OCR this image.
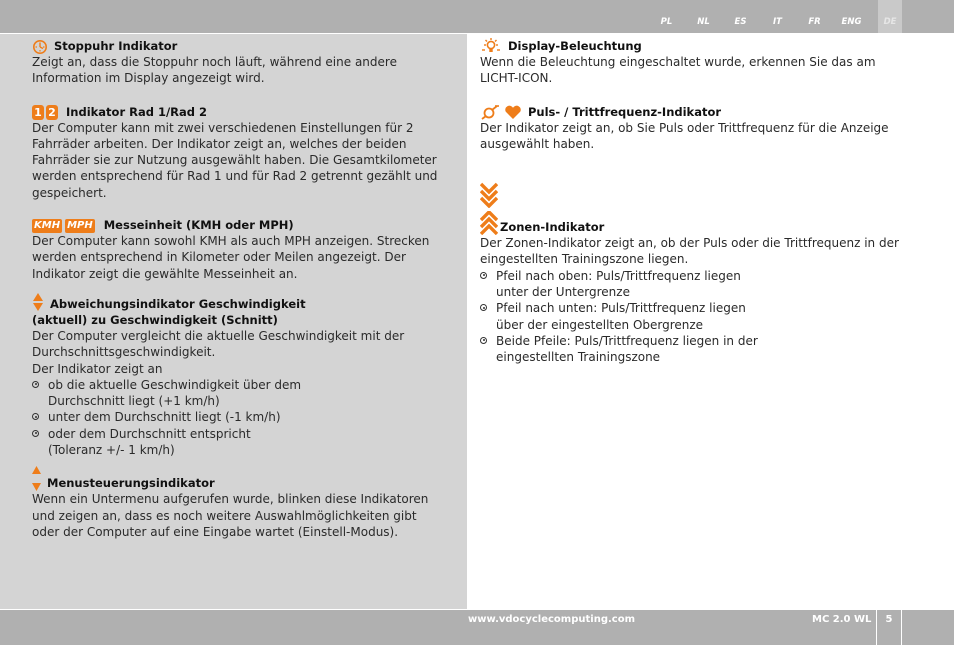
PL	NL	ES	IT	FR	ENG	DE
Stoppuhr Indikator

Zeigt an, dass die Stoppuhr noch läuft, während eine andere Information im Display angezeigt wird.

1 2 Indikator Rad 1/Rad 2

Der Computer kann mit zwei verschiedenen Einstellungen für 2 Fahrräder arbeiten. Der Indikator zeigt an, welches der beiden Fahrräder sie zur Nutzung ausgewählt haben. Die Gesamtkilometer werden entsprechend für Rad 1 und für Rad 2 getrennt gezählt und gespeichert.

KMH MPH Messeinheit (KMH oder MPH)

Der Computer kann sowohl KMH als auch MPH anzeigen. Strecken werden entsprechend in Kilometer oder Meilen angezeigt. Der Indikator zeigt die gewählte Messeinheit an.

Abweichungsindikator Geschwindigkeit
(aktuell) zu Geschwindigkeit (Schnitt)

Der Computer vergleicht die aktuelle Geschwindigkeit mit der Durchschnittsgeschwindigkeit.

Der Indikator zeigt an

ob die aktuelle Geschwindigkeit über dem
Durchschnitt liegt (+1 km/h)
unter dem Durchschnitt liegt (-1 km/h)
oder dem Durchschnitt entspricht
(Toleranz +/- 1 km/h)
Menusteuerungsindikator

Wenn ein Untermenu aufgerufen wurde, blinken diese Indikatoren und zeigen an, dass es noch weitere Auswahlmöglichkeiten gibt oder der Computer auf eine Eingabe wartet (Einstell-Modus).

Display-Beleuchtung

Wenn die Beleuchtung eingeschaltet wurde, erkennen Sie das am LICHT-ICON.

Puls- / Trittfrequenz-Indikator

Der Indikator zeigt an, ob Sie Puls oder Trittfrequenz für die Anzeige ausgewählt haben.

Zonen-Indikator

Der Zonen-Indikator zeigt an, ob der Puls oder die Trittfrequenz in der eingestellten Trainingszone liegen.

Pfeil nach oben: Puls/Trittfrequenz liegen
unter der Untergrenze
Pfeil nach unten: Puls/Trittfrequenz liegen
über der eingestellten Obergrenze
Beide Pfeile: Puls/Trittfrequenz liegen in der
eingestellten Trainingszone
www.vdocyclecomputing.com	MC 2.0 WL	5
